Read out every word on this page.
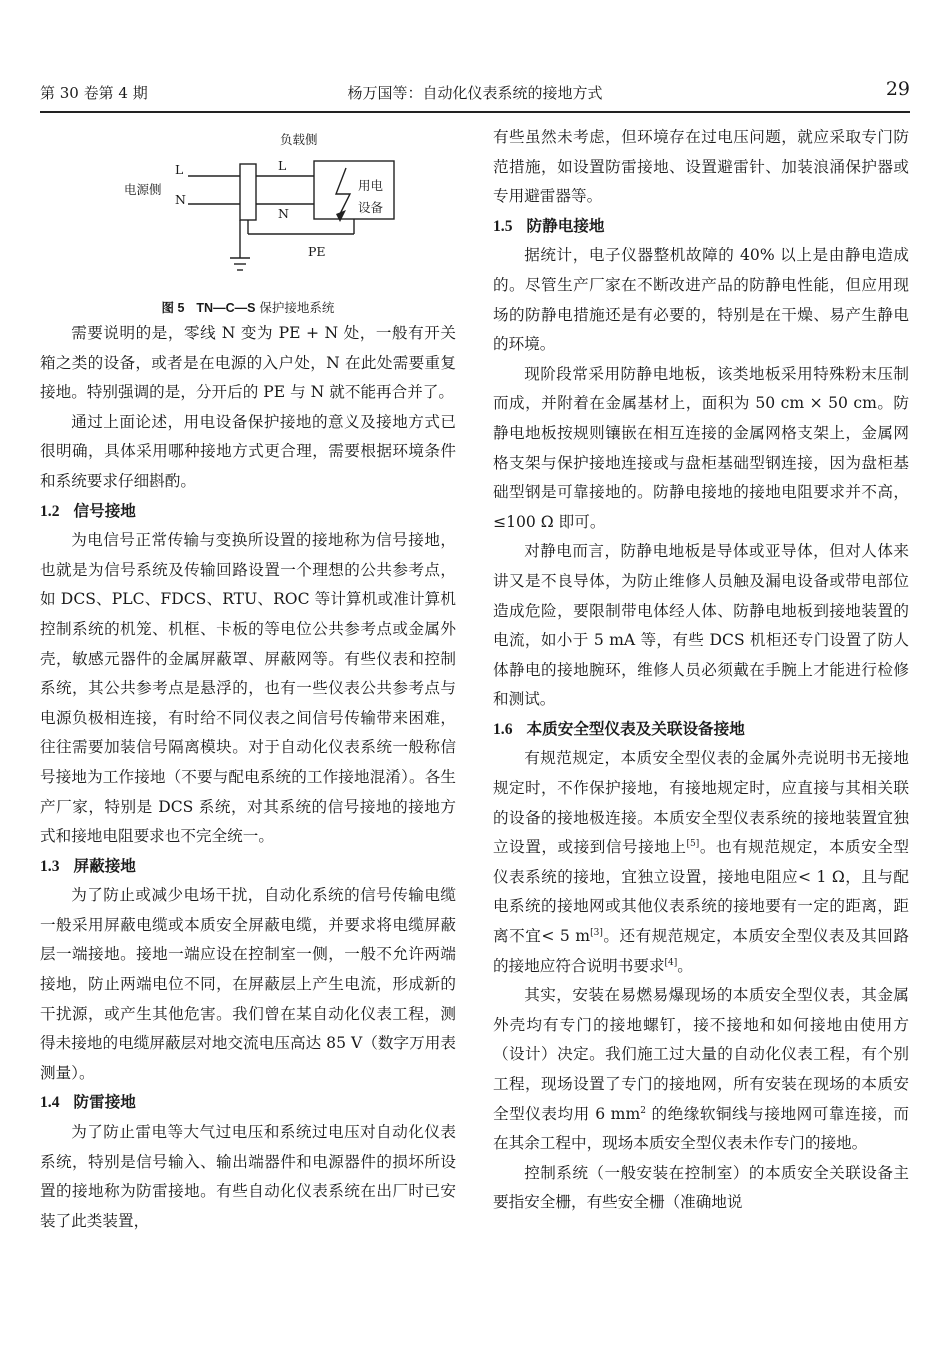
第 30 卷第 4 期	杨万国等：自动化仪表系统的接地方式	29
负载侧
电源侧
L
N
L
N
PE
用电
设备
图 5 TN—C—S 保护接地系统

需要说明的是，零线 N 变为 PE + N 处，一般有开关箱之类的设备，或者是在电源的入户处，N 在此处需要重复接地。特别强调的是，分开后的 PE 与 N 就不能再合并了。

通过上面论述，用电设备保护接地的意义及接地方式已很明确，具体采用哪种接地方式更合理，需要根据环境条件和系统要求仔细斟酌。

1.2 信号接地

为电信号正常传输与变换所设置的接地称为信号接地，也就是为信号系统及传输回路设置一个理想的公共参考点，如 DCS、PLC、FDCS、RTU、ROC 等计算机或准计算机控制系统的机笼、机框、卡板的等电位公共参考点或金属外壳，敏感元器件的金属屏蔽罩、屏蔽网等。有些仪表和控制系统，其公共参考点是悬浮的，也有一些仪表公共参考点与电源负极相连接，有时给不同仪表之间信号传输带来困难，往往需要加装信号隔离模块。对于自动化仪表系统一般称信号接地为工作接地（不要与配电系统的工作接地混淆）。各生产厂家，特别是 DCS 系统，对其系统的信号接地的接地方式和接地电阻要求也不完全统一。

1.3 屏蔽接地

为了防止或减少电场干扰，自动化系统的信号传输电缆一般采用屏蔽电缆或本质安全屏蔽电缆，并要求将电缆屏蔽层一端接地。接地一端应设在控制室一侧，一般不允许两端接地，防止两端电位不同，在屏蔽层上产生电流，形成新的干扰源，或产生其他危害。我们曾在某自动化仪表工程，测得未接地的电缆屏蔽层对地交流电压高达 85 V（数字万用表测量）。

1.4 防雷接地

为了防止雷电等大气过电压和系统过电压对自动化仪表系统，特别是信号输入、输出端器件和电源器件的损坏所设置的接地称为防雷接地。有些自动化仪表系统在出厂时已安装了此类装置，

有些虽然未考虑，但环境存在过电压问题，就应采取专门防范措施，如设置防雷接地、设置避雷针、加装浪涌保护器或专用避雷器等。

1.5 防静电接地

据统计，电子仪器整机故障的 40% 以上是由静电造成的。尽管生产厂家在不断改进产品的防静电性能，但应用现场的防静电措施还是有必要的，特别是在干燥、易产生静电的环境。

现阶段常采用防静电地板，该类地板采用特殊粉末压制而成，并附着在金属基材上，面积为 50 cm × 50 cm。防静电地板按规则镶嵌在相互连接的金属网格支架上，金属网格支架与保护接地连接或与盘柜基础型钢连接，因为盘柜基础型钢是可靠接地的。防静电接地的接地电阻要求并不高，≤100 Ω 即可。

对静电而言，防静电地板是导体或亚导体，但对人体来讲又是不良导体，为防止维修人员触及漏电设备或带电部位造成危险，要限制带电体经人体、防静电地板到接地装置的电流，如小于 5 mA 等，有些 DCS 机柜还专门设置了防人体静电的接地腕环，维修人员必须戴在手腕上才能进行检修和测试。

1.6 本质安全型仪表及关联设备接地

有规范规定，本质安全型仪表的金属外壳说明书无接地规定时，不作保护接地，有接地规定时，应直接与其相关联的设备的接地极连接。本质安全型仪表系统的接地装置宜独立设置，或接到信号接地上[5]。也有规范规定，本质安全型仪表系统的接地，宜独立设置，接地电阻应< 1 Ω，且与配电系统的接地网或其他仪表系统的接地要有一定的距离，距离不宜< 5 m[3]。还有规范规定，本质安全型仪表及其回路的接地应符合说明书要求[4]。

其实，安装在易燃易爆现场的本质安全型仪表，其金属外壳均有专门的接地螺钉，接不接地和如何接地由使用方（设计）决定。我们施工过大量的自动化仪表工程，有个别工程，现场设置了专门的接地网，所有安装在现场的本质安全型仪表均用 6 $mm^2$ 的绝缘软铜线与接地网可靠连接，而在其余工程中，现场本质安全型仪表未作专门的接地。

控制系统（一般安装在控制室）的本质安全关联设备主要指安全栅，有些安全栅（准确地说
